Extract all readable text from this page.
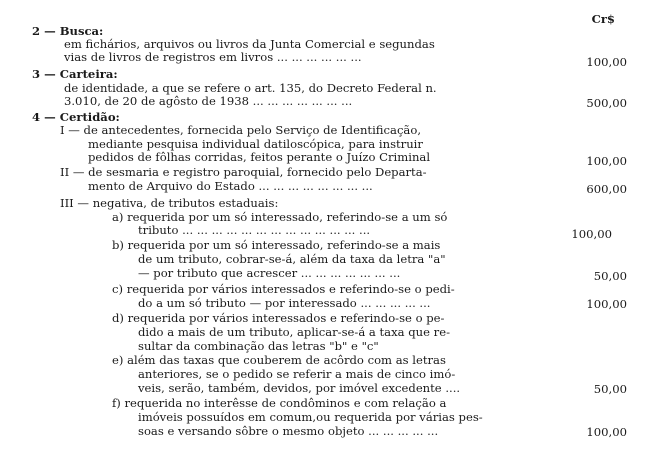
Cr$
2 — Busca:
em fichários, arquivos ou livros da Junta Comercial e segundas
vias de livros de registros em livros ... ... ... ... ... ...	100,00
3 — Carteira:
de identidade, a que se refere o art. 135, do Decreto Federal n.
3.010, de 20 de agôsto de 1938 ... ... ... ... ... ... ...	500,00
4 — Certidão:
I — de antecedentes, fornecida pelo Serviço de Identificação,
mediante pesquisa individual datiloscópica, para instruir
pedidos de fôlhas corridas, feitos perante o Juízo Criminal	100,00
II — de sesmaria e registro paroquial, fornecido pelo Departa-
mento de Arquivo do Estado ... ... ... ... ... ... ... ...	600,00
III — negativa, de tributos estaduais:
a) requerida por um só interessado, referindo-se a um só
tributo ... ... ... ... ... ... ... ... ... ... ... ... ...	100,00
b) requerida por um só interessado, referindo-se a mais
de um tributo, cobrar-se-á, além da taxa da letra "a"
— por tributo que acrescer ... ... ... ... ... ... ...	50,00
c) requerida por vários interessados e referindo-se o pedi-
do a um só tributo — por interessado ... ... ... ... ...	100,00
d) requerida por vários interessados e referindo-se o pe-
dido a mais de um tributo, aplicar-se-á a taxa que re-
sultar da combinação das letras "b" e "c"
e) além das taxas que couberem de acôrdo com as letras
anteriores, se o pedido se referir a mais de cinco imó-
veis, serão, também, devidos, por imóvel excedente ....	50,00
f) requerida no interêsse de condôminos e com relação a
imóveis possuídos em comum,ou requerida por várias pes-
soas e versando sôbre o mesmo objeto ... ... ... ... ...	100,00
